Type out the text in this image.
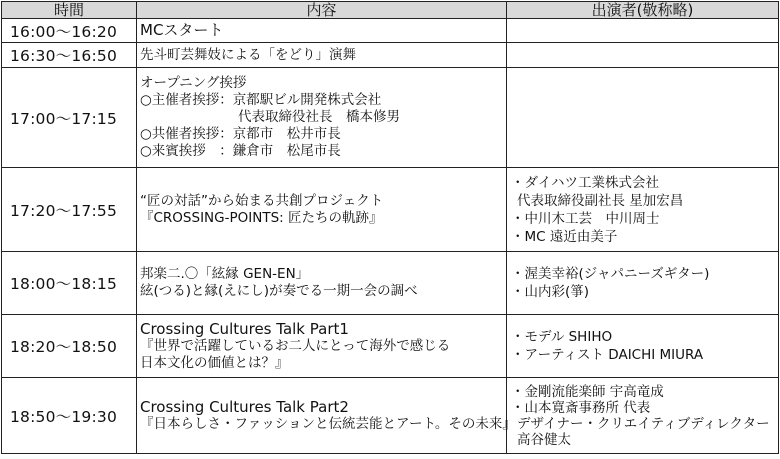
時間	内容	出演者(敬称略)
16:00～16:20	MCスタート	

16:30～16:50	先斗町芸舞妓による「をどり」演舞	

17:00～17:15	オープニング挨拶
○主催者挨拶：京都駅ビル開発株式会社
代表取締役社長　橋本修男
○共催者挨拶：京都市　松井市長
○来賓挨拶　：鎌倉市　松尾市長	

17:20～17:55	“匠の対話”から始まる共創プロジェクト
『CROSSING-POINTS: 匠たちの軌跡』	・ダイハツ工業株式会社
代表取締役副社長 星加宏昌
・中川木工芸　中川周士
・MC 遠近由美子

18:00～18:15	邦楽二.〇「絃縁 GEN-EN」
絃(つる)と縁(えにし)が奏でる一期一会の調べ	・渥美幸裕(ジャパニーズギター)
・山内彩(箏)

18:20～18:50	Crossing Cultures Talk Part1
『世界で活躍しているお二人にとって海外で感じる
日本文化の価値とは？』	・モデル SHIHO
・アーティスト DAICHI MIURA

18:50～19:30	Crossing Cultures Talk Part2
『日本らしさ・ファッションと伝統芸能とアート。その未来』	・金剛流能楽師 宇高竜成
・山本寛斎事務所 代表
デザイナー・クリエイティブディレクター
高谷健太
